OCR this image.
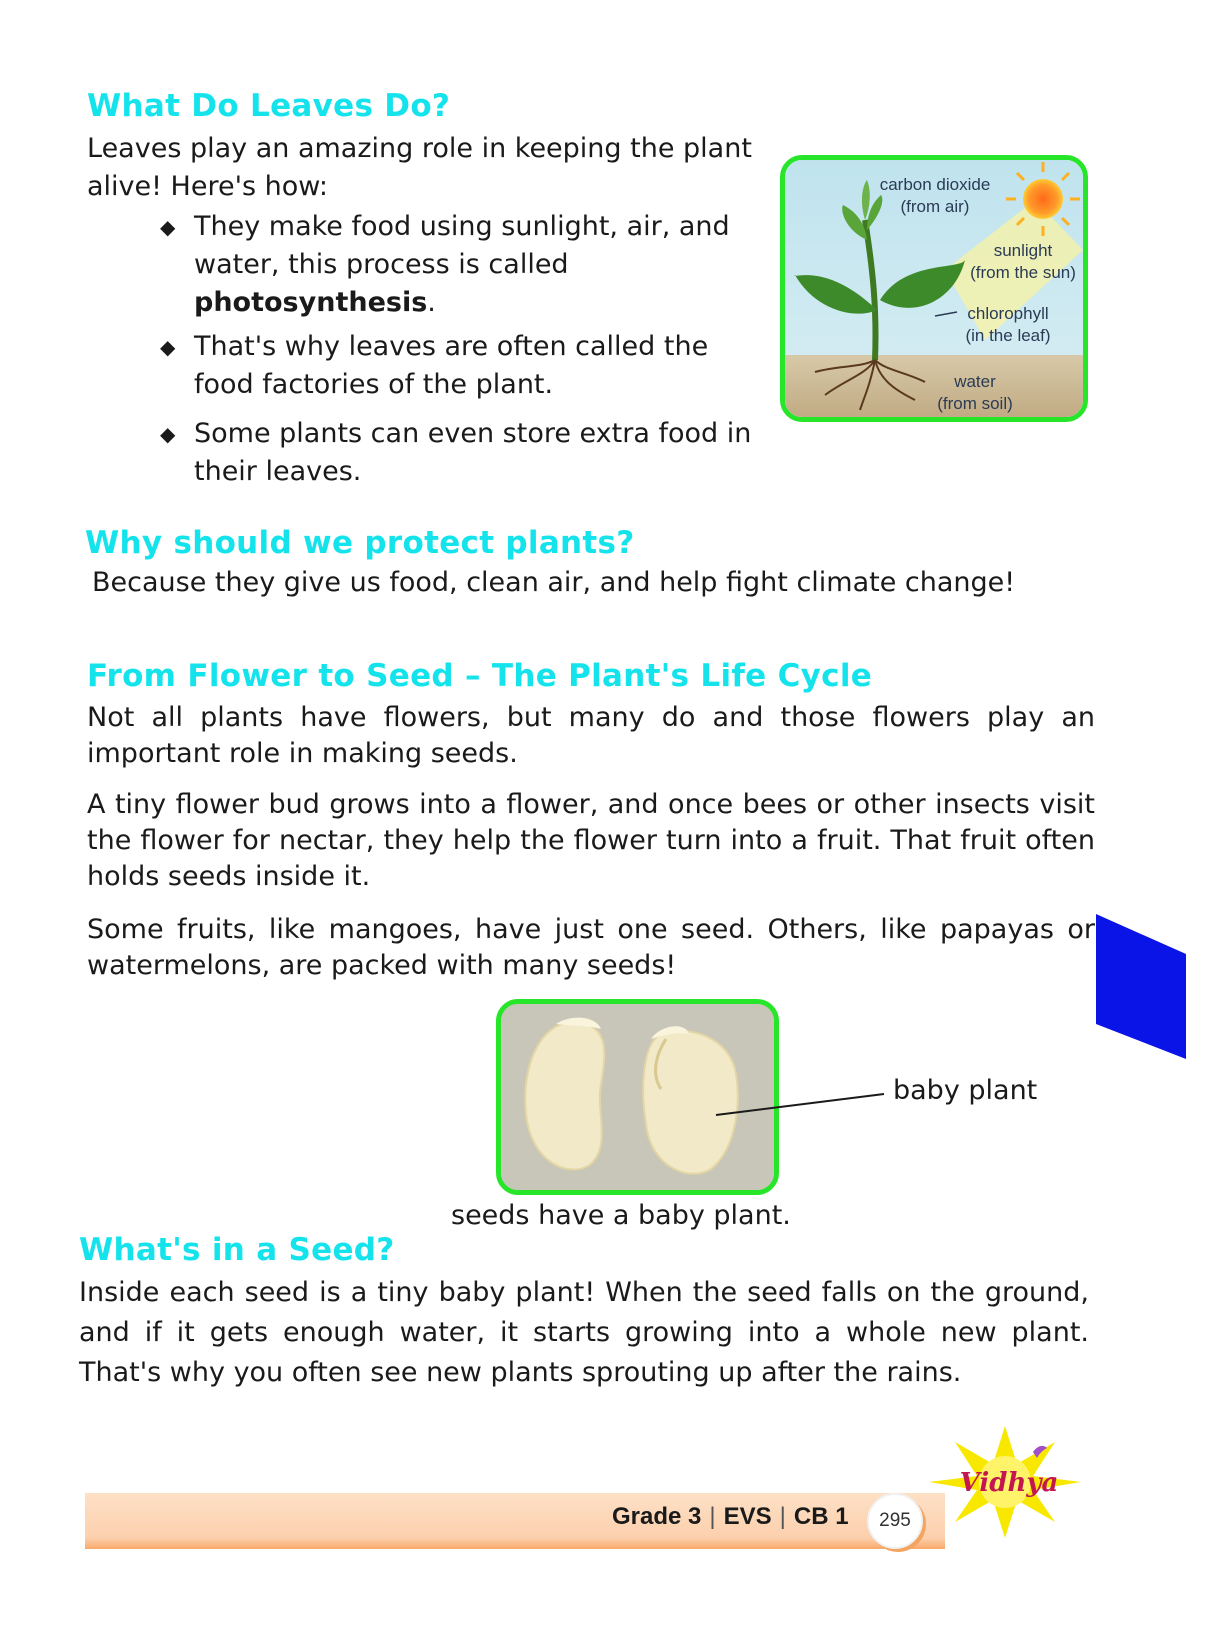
What Do Leaves Do?

Leaves play an amazing role in keeping the plant alive! Here's how:

◆ They make food using sunlight, air, and water, this process is called photosynthesis.
◆ That's why leaves are often called the food factories of the plant.
◆ Some plants can even store extra food in their leaves.
carbon dioxide
(from air)
sunlight
(from the sun)
chlorophyll
(in the leaf)
water
(from soil)
Why should we protect plants?

Because they give us food, clean air, and help fight climate change!

From Flower to Seed – The Plant's Life Cycle

Not all plants have flowers, but many do and those flowers play an important role in making seeds.

A tiny flower bud grows into a flower, and once bees or other insects visit the flower for nectar, they help the flower turn into a fruit. That fruit often holds seeds inside it.

Some fruits, like mangoes, have just one seed. Others, like papayas or watermelons, are packed with many seeds!

baby plant
seeds have a baby plant.
What's in a Seed?

Inside each seed is a tiny baby plant! When the seed falls on the ground, and if it gets enough water, it starts growing into a whole new plant. That's why you often see new plants sprouting up after the rains.

Grade 3 | EVS | CB 1	295
Vidhya
